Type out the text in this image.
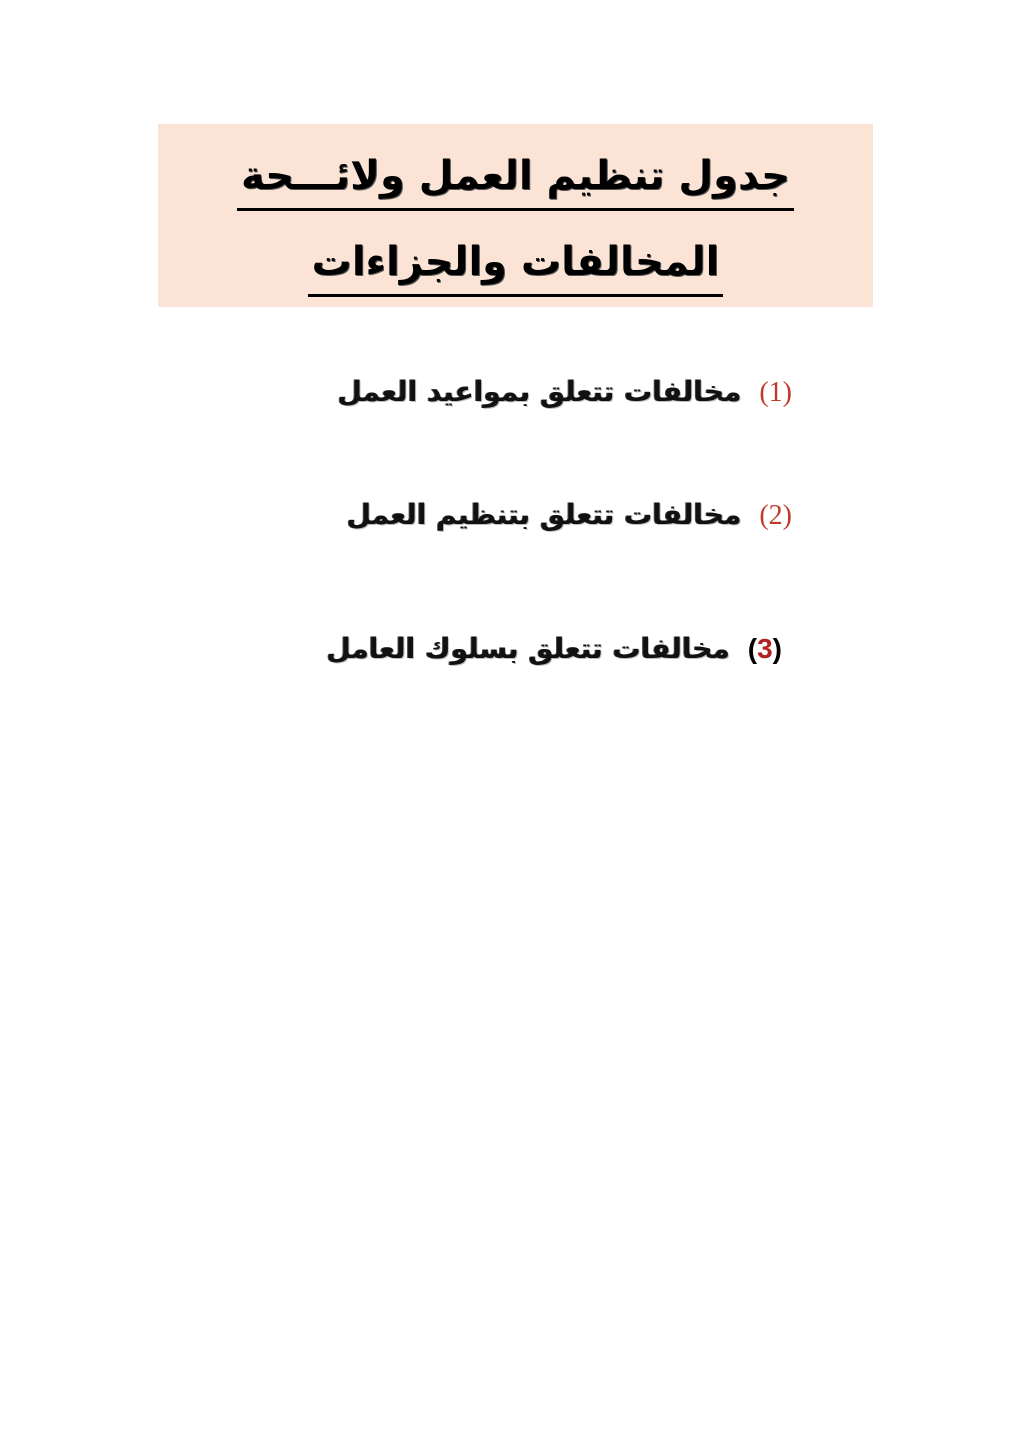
جدول تنظيم العمل ولائـــحة
المخالفات والجزاءات
(1) مخالفات تتعلق بمواعيد العمل
(2) مخالفات تتعلق بتنظيم العمل
(3) مخالفات تتعلق بسلوك العامل
